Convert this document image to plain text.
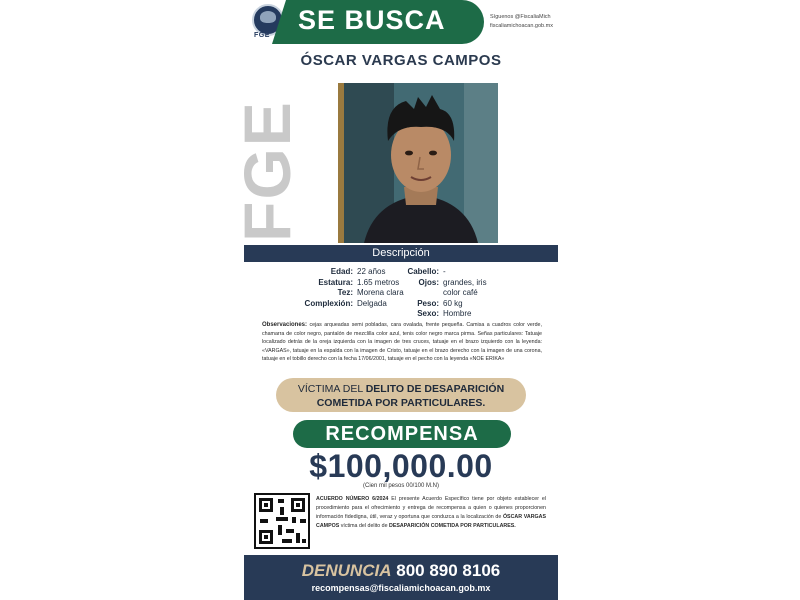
FGE
SE BUSCA	Síguenos @FiscaliaMich
fiscaliamichoacan.gob.mx
ÓSCAR VARGAS CAMPOS
FGE
Descripción
Edad: 22 años
Estatura: 1.65 metros
Tez: Morena clara
Complexión: Delgada
Cabello: -
Ojos: grandes, iris
color café
Peso: 60 kg
Sexo: Hombre
Observaciones: cejas arqueadas semi pobladas, cara ovalada, frente pequeña. Camisa a cuadros color verde, chamarra de color negro, pantalón de mezclilla color azul, tenis color negro marca pirma. Señas particulares: Tatuaje localizado detrás de la oreja izquierda con la imagen de tres cruces, tatuaje en el brazo izquierdo con la leyenda: «VARGAS», tatuaje en la espalda con la imagen de Cristo, tatuaje en el brazo derecho con la imagen de una corona, tatuaje en el tobillo derecho con la fecha 17/06/2001, tatuaje en el pecho con la leyenda «NOE ERIKA»
VÍCTIMA DEL DELITO DE DESAPARICIÓN
COMETIDA POR PARTICULARES.
RECOMPENSA
$100,000.00
(Cien mil pesos 00/100 M.N)
ACUERDO NÚMERO 6/2024 El presente Acuerdo Específico tiene por objeto establecer el procedimiento para el ofrecimiento y entrega de recompensa a quien o quienes proporcionen información fidedigna, útil, veraz y oportuna que conduzca a la localización de ÓSCAR VARGAS CAMPOS víctima del delito de DESAPARICIÓN COMETIDA POR PARTICULARES.
DENUNCIA 800 890 8106
recompensas@fiscaliamichoacan.gob.mx
